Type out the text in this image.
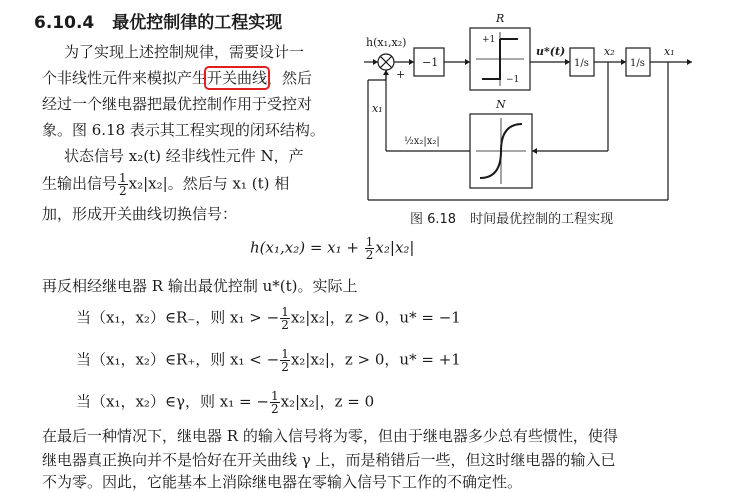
6.10.4 最优控制律的工程实现
为了实现上述控制规律，需要设计一
个非线性元件来模拟产生开关曲线，然后
经过一个继电器把最优控制作用于受控对
象。图 6.18 表示其工程实现的闭环结构。
状态信号 x₂(t) 经非线性元件 N，产
生输出信号 $\frac{1}{2} x_2|x_2|$。然后与 x₁ (t) 相
加，形成开关曲线切换信号：
h(x₁,x₂)
+
−1
R
+1
−1
u*(t)
1/s	1/s
x₂	x₁
x₁	N
½x₂|x₂|
图 6.18 时间最优控制的工程实现
$h(x_1,x_2) = x_1 + \frac{1}{2} x_2|x_2|$
再反相经继电器 R 输出最优控制 u*(t)。实际上
当（x₁，x₂）∈R₋，则 x₁ > − $\frac{1}{2} x_2|x_2|$，z > 0，u* = −1
当（x₁，x₂）∈R₊，则 x₁ < − $\frac{1}{2} x_2|x_2|$，z > 0，u* = +1
当（x₁，x₂）∈γ，则 x₁ = − $\frac{1}{2} x_2|x_2|$，z = 0
在最后一种情况下，继电器 R 的输入信号将为零，但由于继电器多少总有些惯性，使得
继电器真正换向并不是恰好在开关曲线 γ 上，而是稍错后一些，但这时继电器的输入已
不为零。因此，它能基本上消除继电器在零输入信号下工作的不确定性。
